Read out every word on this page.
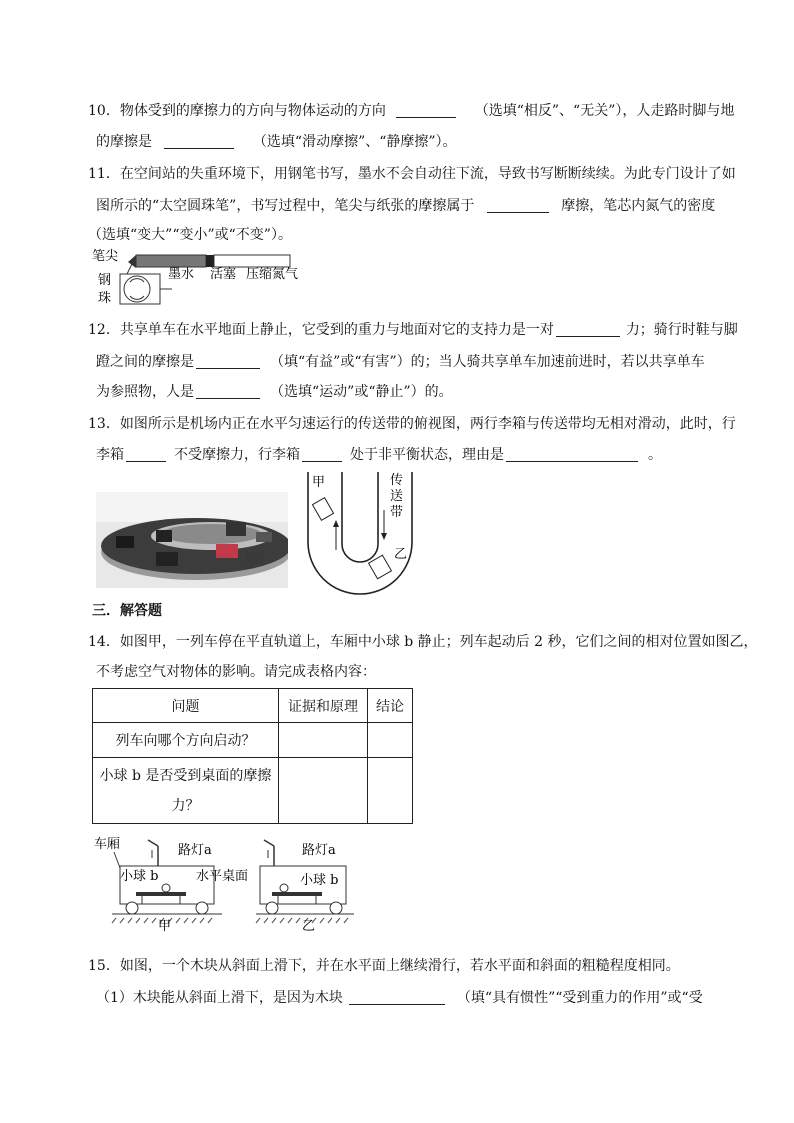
10．物体受到的摩擦力的方向与物体运动的方向	（选填“相反”、“无关”），人走路时脚与地
的摩擦是	（选填“滑动摩擦”、“静摩擦”）。
11．在空间站的失重环境下，用钢笔书写，墨水不会自动往下流，导致书写断断续续。为此专门设计了如
图所示的“太空圆珠笔”，书写过程中，笔尖与纸张的摩擦属于	摩擦，笔芯内氮气的密度
（选填“变大”“变小”或“不变”）。
笔尖
钢
珠
墨水 活塞 压缩氮气
12．共享单车在水平地面上静止，它受到的重力与地面对它的支持力是一对	力；骑行时鞋与脚
蹬之间的摩擦是	（填“有益”或“有害”）的；当人骑共享单车加速前进时，若以共享单车
为参照物，人是	（选填“运动”或“静止”）的。
13．如图所示是机场内正在水平匀速运行的传送带的俯视图，两行李箱与传送带均无相对滑动，此时，行
李箱	不受摩擦力，行李箱	处于非平衡状态，理由是	。
甲	传
送
带
乙
三．解答题
14．如图甲，一列车停在平直轨道上，车厢中小球 b 静止；列车起动后 2 秒，它们之间的相对位置如图乙，
不考虑空气对物体的影响。请完成表格内容：
问题	证据和原理	结论
列车向哪个方向启动？		

小球 b 是否受到桌面的摩擦
力？		

车厢	路灯a
小球 b	水平桌面
甲
路灯a
小球 b
乙
15．如图，一个木块从斜面上滑下，并在水平面上继续滑行，若水平面和斜面的粗糙程度相同。
（1）木块能从斜面上滑下，是因为木块	（填“具有惯性”“受到重力的作用”或“受
